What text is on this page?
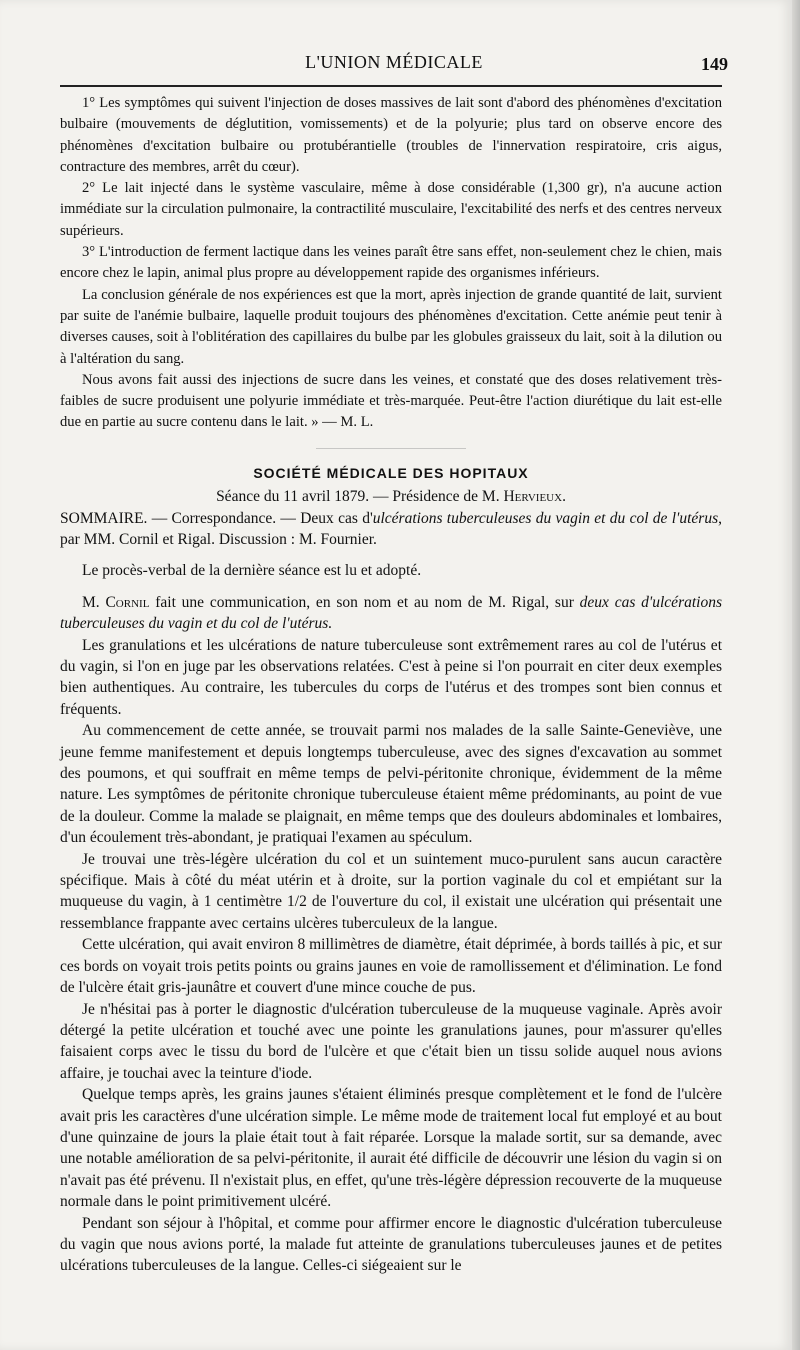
L'UNION MÉDICALE	149

1° Les symptômes qui suivent l'injection de doses massives de lait sont d'abord des phénomènes d'excitation bulbaire (mouvements de déglutition, vomissements) et de la polyurie; plus tard on observe encore des phénomènes d'excitation bulbaire ou protubérantielle (troubles de l'innervation respiratoire, cris aigus, contracture des membres, arrêt du cœur).

2° Le lait injecté dans le système vasculaire, même à dose considérable (1,300 gr), n'a aucune action immédiate sur la circulation pulmonaire, la contractilité musculaire, l'excitabilité des nerfs et des centres nerveux supérieurs.

3° L'introduction de ferment lactique dans les veines paraît être sans effet, non-seulement chez le chien, mais encore chez le lapin, animal plus propre au développement rapide des organismes inférieurs.

La conclusion générale de nos expériences est que la mort, après injection de grande quantité de lait, survient par suite de l'anémie bulbaire, laquelle produit toujours des phénomènes d'excitation. Cette anémie peut tenir à diverses causes, soit à l'oblitération des capillaires du bulbe par les globules graisseux du lait, soit à la dilution ou à l'altération du sang.

Nous avons fait aussi des injections de sucre dans les veines, et constaté que des doses relativement très-faibles de sucre produisent une polyurie immédiate et très-marquée. Peut-être l'action diurétique du lait est-elle due en partie au sucre contenu dans le lait. » — M. L.

SOCIÉTÉ MÉDICALE DES HOPITAUX
Séance du 11 avril 1879. — Présidence de M. Hervieux.

SOMMAIRE. — Correspondance. — Deux cas d'ulcérations tuberculeuses du vagin et du col de l'utérus, par MM. Cornil et Rigal. Discussion : M. Fournier.

Le procès-verbal de la dernière séance est lu et adopté.

M. Cornil fait une communication, en son nom et au nom de M. Rigal, sur deux cas d'ulcérations tuberculeuses du vagin et du col de l'utérus.

Les granulations et les ulcérations de nature tuberculeuse sont extrêmement rares au col de l'utérus et du vagin, si l'on en juge par les observations relatées. C'est à peine si l'on pourrait en citer deux exemples bien authentiques. Au contraire, les tubercules du corps de l'utérus et des trompes sont bien connus et fréquents.

Au commencement de cette année, se trouvait parmi nos malades de la salle Sainte-Geneviève, une jeune femme manifestement et depuis longtemps tuberculeuse, avec des signes d'excavation au sommet des poumons, et qui souffrait en même temps de pelvi-péritonite chronique, évidemment de la même nature. Les symptômes de péritonite chronique tuberculeuse étaient même prédominants, au point de vue de la douleur. Comme la malade se plaignait, en même temps que des douleurs abdominales et lombaires, d'un écoulement très-abondant, je pratiquai l'examen au spéculum.

Je trouvai une très-légère ulcération du col et un suintement muco-purulent sans aucun caractère spécifique. Mais à côté du méat utérin et à droite, sur la portion vaginale du col et empiétant sur la muqueuse du vagin, à 1 centimètre 1/2 de l'ouverture du col, il existait une ulcération qui présentait une ressemblance frappante avec certains ulcères tuberculeux de la langue.

Cette ulcération, qui avait environ 8 millimètres de diamètre, était déprimée, à bords taillés à pic, et sur ces bords on voyait trois petits points ou grains jaunes en voie de ramollissement et d'élimination. Le fond de l'ulcère était gris-jaunâtre et couvert d'une mince couche de pus.

Je n'hésitai pas à porter le diagnostic d'ulcération tuberculeuse de la muqueuse vaginale. Après avoir détergé la petite ulcération et touché avec une pointe les granulations jaunes, pour m'assurer qu'elles faisaient corps avec le tissu du bord de l'ulcère et que c'était bien un tissu solide auquel nous avions affaire, je touchai avec la teinture d'iode.

Quelque temps après, les grains jaunes s'étaient éliminés presque complètement et le fond de l'ulcère avait pris les caractères d'une ulcération simple. Le même mode de traitement local fut employé et au bout d'une quinzaine de jours la plaie était tout à fait réparée. Lorsque la malade sortit, sur sa demande, avec une notable amélioration de sa pelvi-péritonite, il aurait été difficile de découvrir une lésion du vagin si on n'avait pas été prévenu. Il n'existait plus, en effet, qu'une très-légère dépression recouverte de la muqueuse normale dans le point primitivement ulcéré.

Pendant son séjour à l'hôpital, et comme pour affirmer encore le diagnostic d'ulcération tuberculeuse du vagin que nous avions porté, la malade fut atteinte de granulations tuberculeuses jaunes et de petites ulcérations tuberculeuses de la langue. Celles-ci siégeaient sur le
